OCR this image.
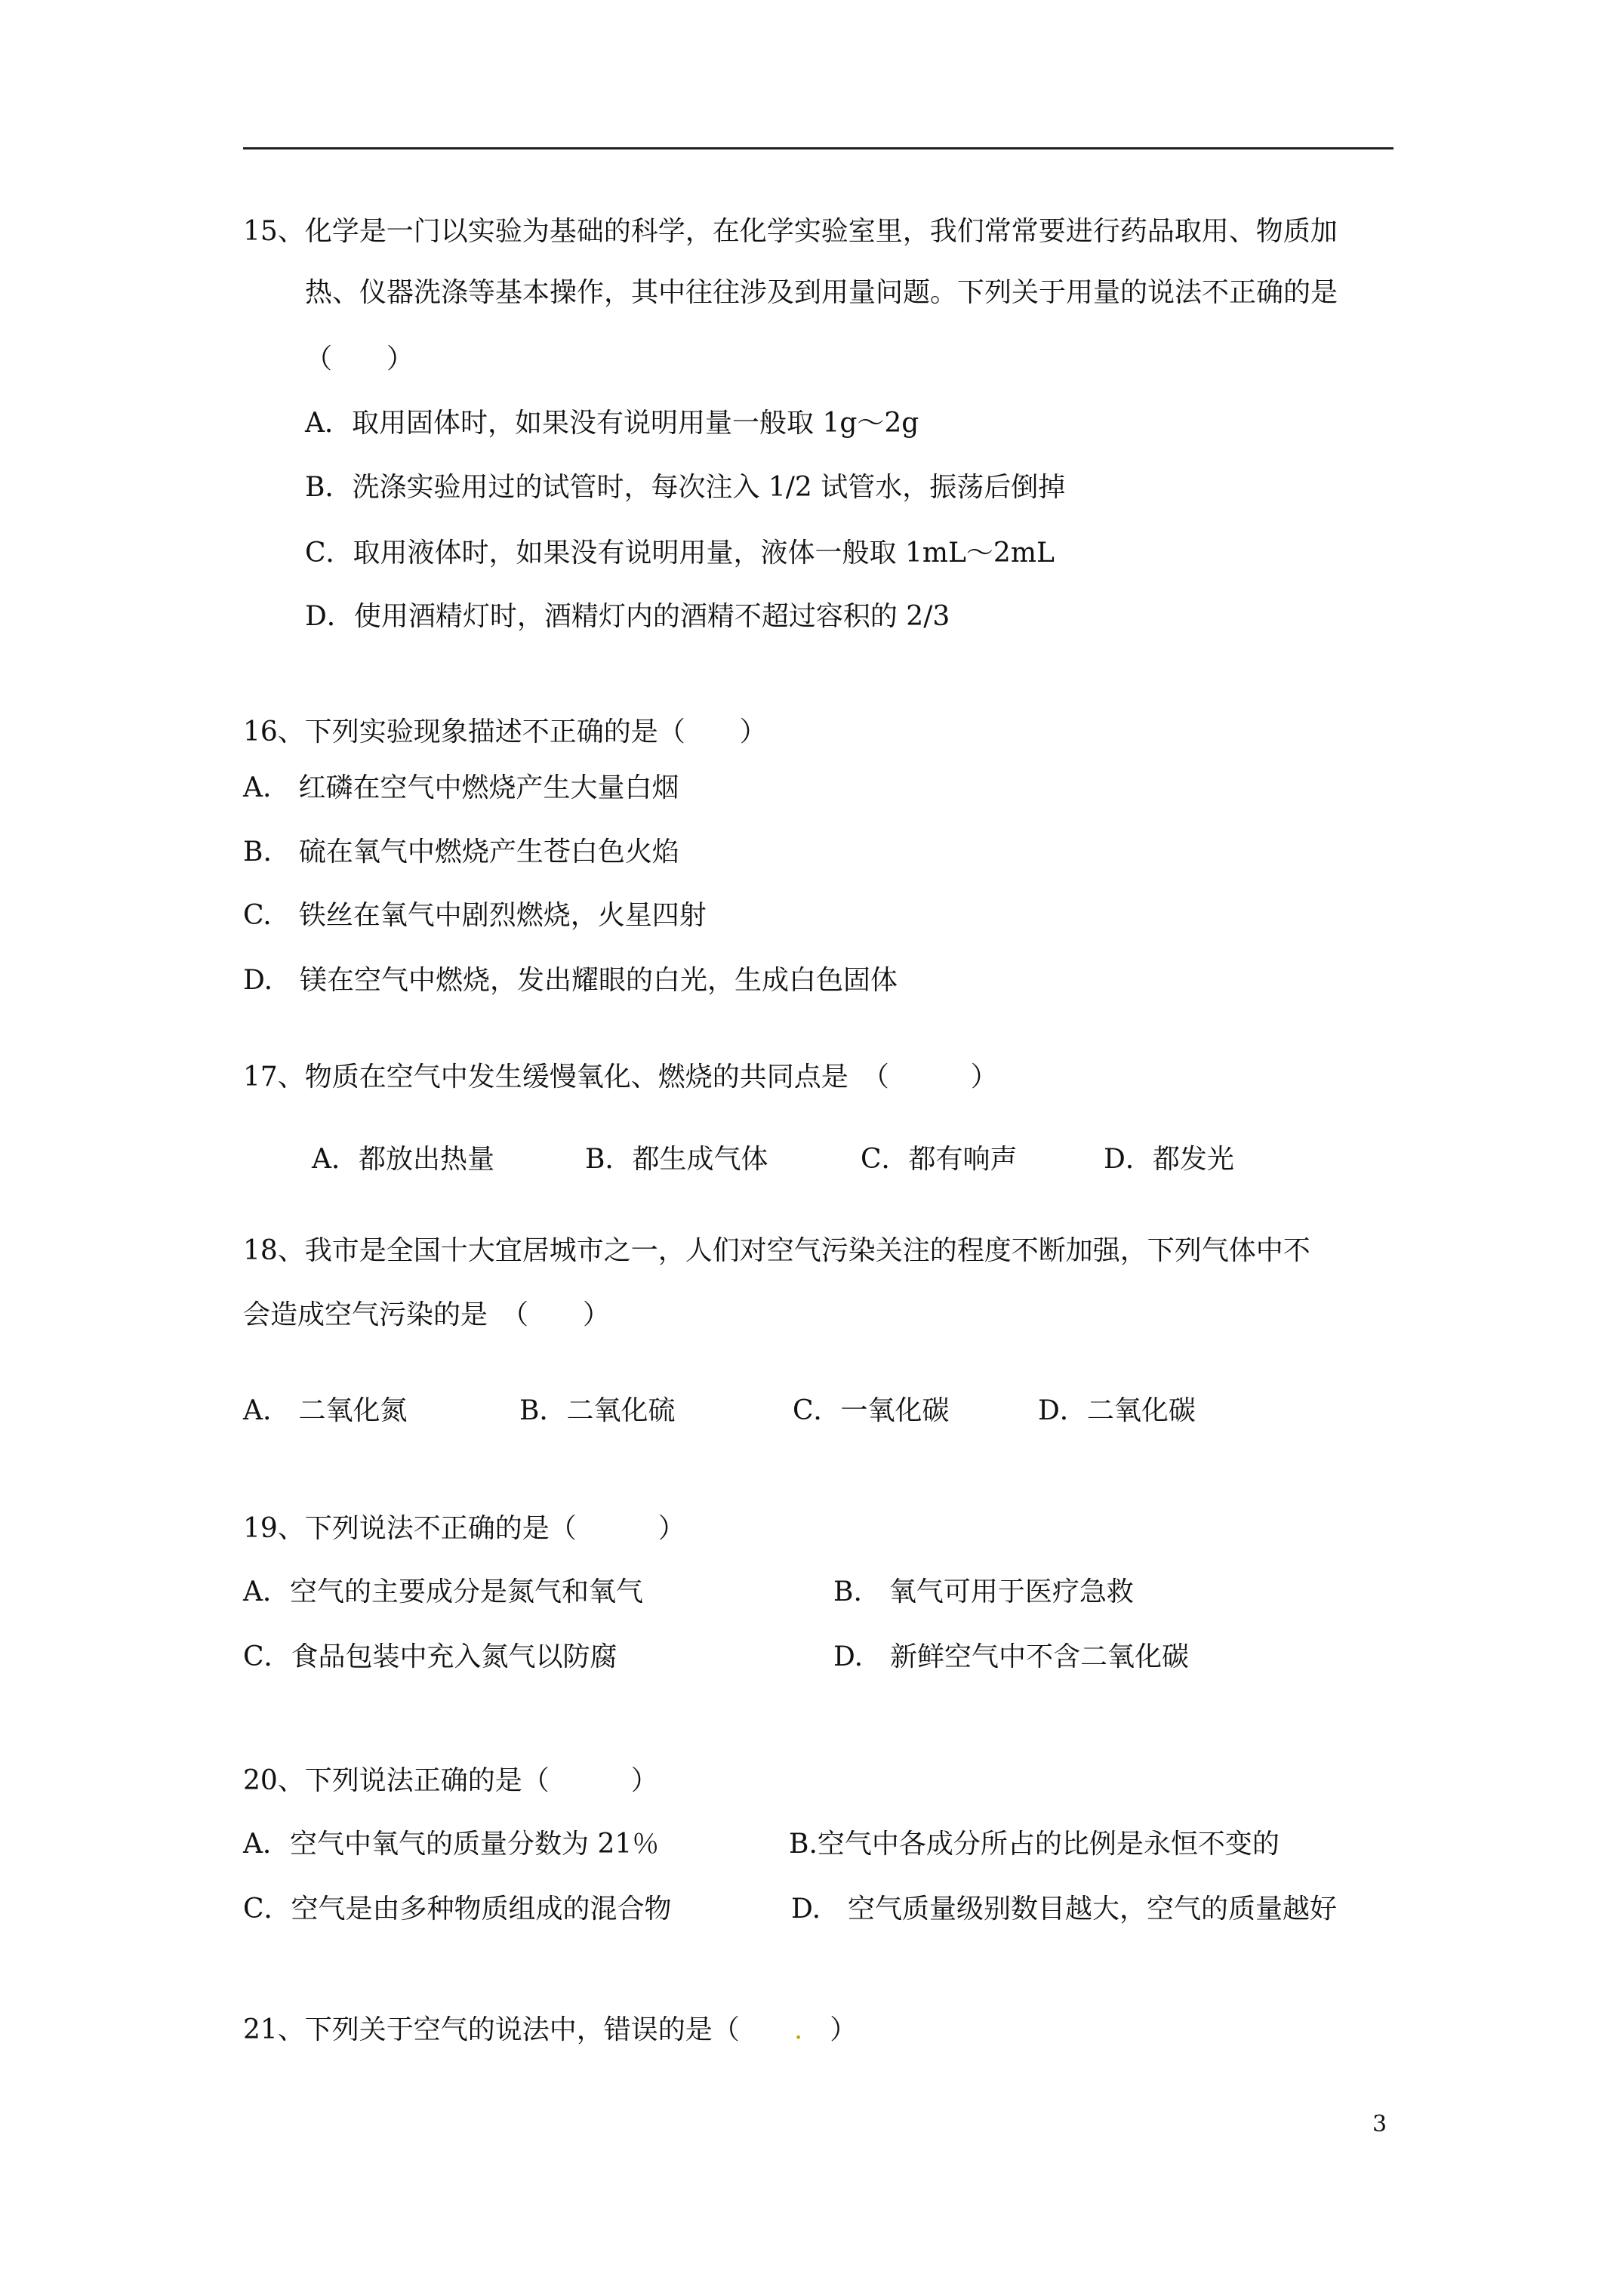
15、化学是一门以实验为基础的科学，在化学实验室里，我们常常要进行药品取用、物质加
热、仪器洗涤等基本操作，其中往往涉及到用量问题。下列关于用量的说法不正确的是
（　　）
A．取用固体时，如果没有说明用量一般取 1g～2g
B．洗涤实验用过的试管时，每次注入 1/2 试管水，振荡后倒掉
C．取用液体时，如果没有说明用量，液体一般取 1mL～2mL
D．使用酒精灯时，酒精灯内的酒精不超过容积的 2/3
16、下列实验现象描述不正确的是（　　）
A.　红磷在空气中燃烧产生大量白烟
B.　硫在氧气中燃烧产生苍白色火焰
C.　铁丝在氧气中剧烈燃烧，火星四射
D.　镁在空气中燃烧，发出耀眼的白光，生成白色固体
17、物质在空气中发生缓慢氧化、燃烧的共同点是　（　　　）
A．都放出热量	B．都生成气体	C．都有响声	D．都发光
18、我市是全国十大宜居城市之一，人们对空气污染关注的程度不断加强，下列气体中不
会造成空气污染的是　（　　）
A.　二氧化氮	B．二氧化硫	C．一氧化碳	D．二氧化碳
19、下列说法不正确的是（　　　）
A．空气的主要成分是氮气和氧气	B.　氧气可用于医疗急救
C．食品包装中充入氮气以防腐	D.　新鲜空气中不含二氧化碳
20、下列说法正确的是（　　　）
A．空气中氧气的质量分数为 21％	B.空气中各成分所占的比例是永恒不变的
C．空气是由多种物质组成的混合物	D.　空气质量级别数目越大，空气的质量越好
21、下列关于空气的说法中，错误的是（　　.　）
3
